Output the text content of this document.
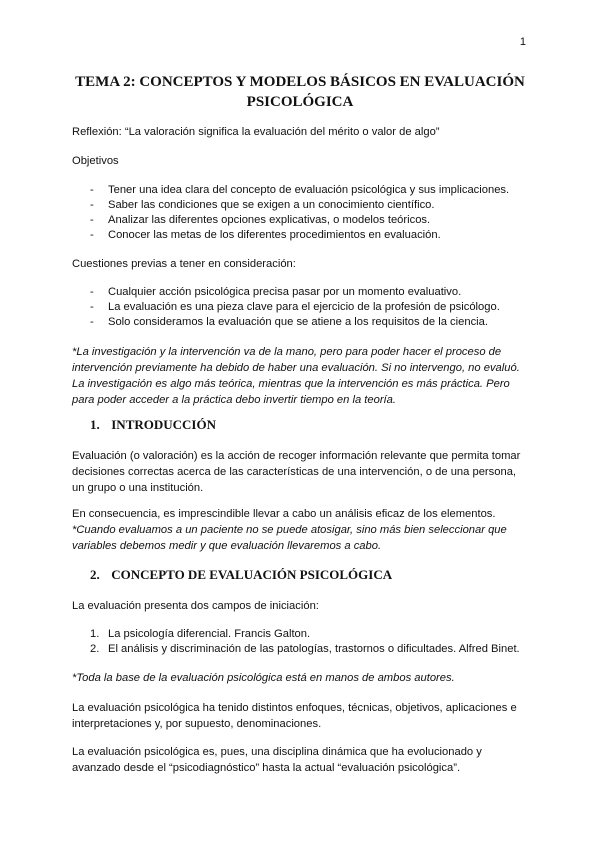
1
TEMA 2: CONCEPTOS Y MODELOS BÁSICOS EN EVALUACIÓN PSICOLÓGICA
Reflexión: “La valoración significa la evaluación del mérito o valor de algo”
Objetivos
- Tener una idea clara del concepto de evaluación psicológica y sus implicaciones.
- Saber las condiciones que se exigen a un conocimiento científico.
- Analizar las diferentes opciones explicativas, o modelos teóricos.
- Conocer las metas de los diferentes procedimientos en evaluación.
Cuestiones previas a tener en consideración:
- Cualquier acción psicológica precisa pasar por un momento evaluativo.
- La evaluación es una pieza clave para el ejercicio de la profesión de psicólogo.
- Solo consideramos la evaluación que se atiene a los requisitos de la ciencia.
*La investigación y la intervención va de la mano, pero para poder hacer el proceso de intervención previamente ha debido de haber una evaluación. Si no intervengo, no evaluó. La investigación es algo más teórica, mientras que la intervención es más práctica. Pero para poder acceder a la práctica debo invertir tiempo en la teoría.
1. INTRODUCCIÓN
Evaluación (o valoración) es la acción de recoger información relevante que permita tomar decisiones correctas acerca de las características de una intervención, o de una persona, un grupo o una institución.
En consecuencia, es imprescindible llevar a cabo un análisis eficaz de los elementos.
*Cuando evaluamos a un paciente no se puede atosigar, sino más bien seleccionar que variables debemos medir y que evaluación llevaremos a cabo.
2. CONCEPTO DE EVALUACIÓN PSICOLÓGICA
La evaluación presenta dos campos de iniciación:
1. La psicología diferencial. Francis Galton.
2. El análisis y discriminación de las patologías, trastornos o dificultades. Alfred Binet.
*Toda la base de la evaluación psicológica está en manos de ambos autores.
La evaluación psicológica ha tenido distintos enfoques, técnicas, objetivos, aplicaciones e interpretaciones y, por supuesto, denominaciones.
La evaluación psicológica es, pues, una disciplina dinámica que ha evolucionado y avanzado desde el “psicodiagnóstico” hasta la actual “evaluación psicológica”.
